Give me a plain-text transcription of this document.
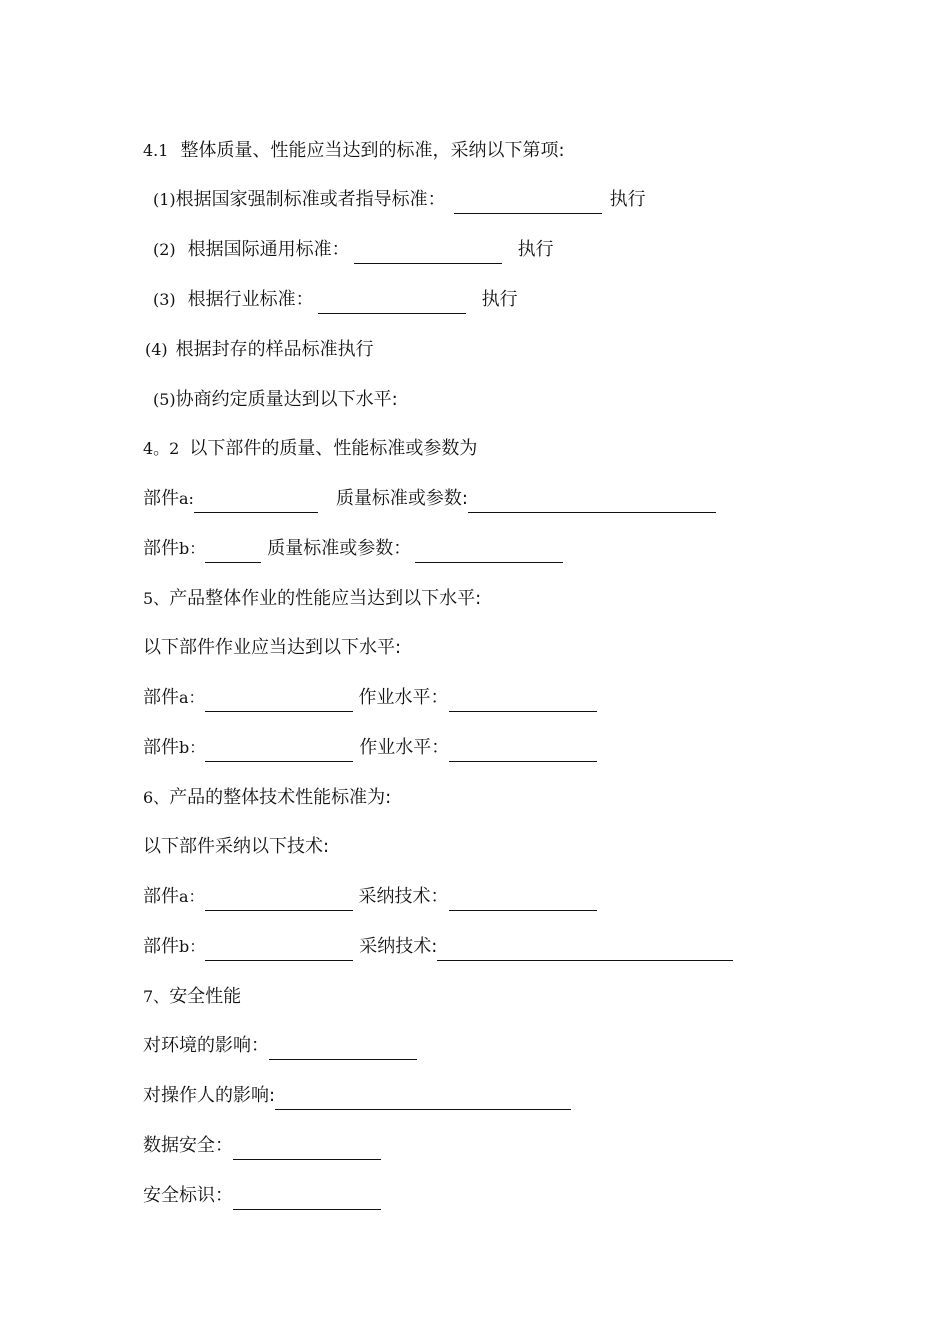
4.1 整体质量、性能应当达到的标准，采纳以下第项:
(1) 根据国家强制标准或者指导标准：	执行
(2) 根据国际通用标准：	执行
(3) 根据行业标准：	执行
(4) 根据封存的样品标准执行
(5) 协商约定质量达到以下水平:
4。2 以下部件的质量、性能标准或参数为
部件 a:	质量标准或参数:
部件 b：	质量标准或参数：
5、 产品整体作业的性能应当达到以下水平:
以下部件作业应当达到以下水平:
部件 a：	作业水平：
部件 b：	作业水平：
6、 产品的整体技术性能标准为:
以下部件采纳以下技术:
部件 a：	采纳技术：
部件 b：	采纳技术:
7、 安全性能
对环境的影响：
对操作人的影响:
数据安全：
安全标识：
